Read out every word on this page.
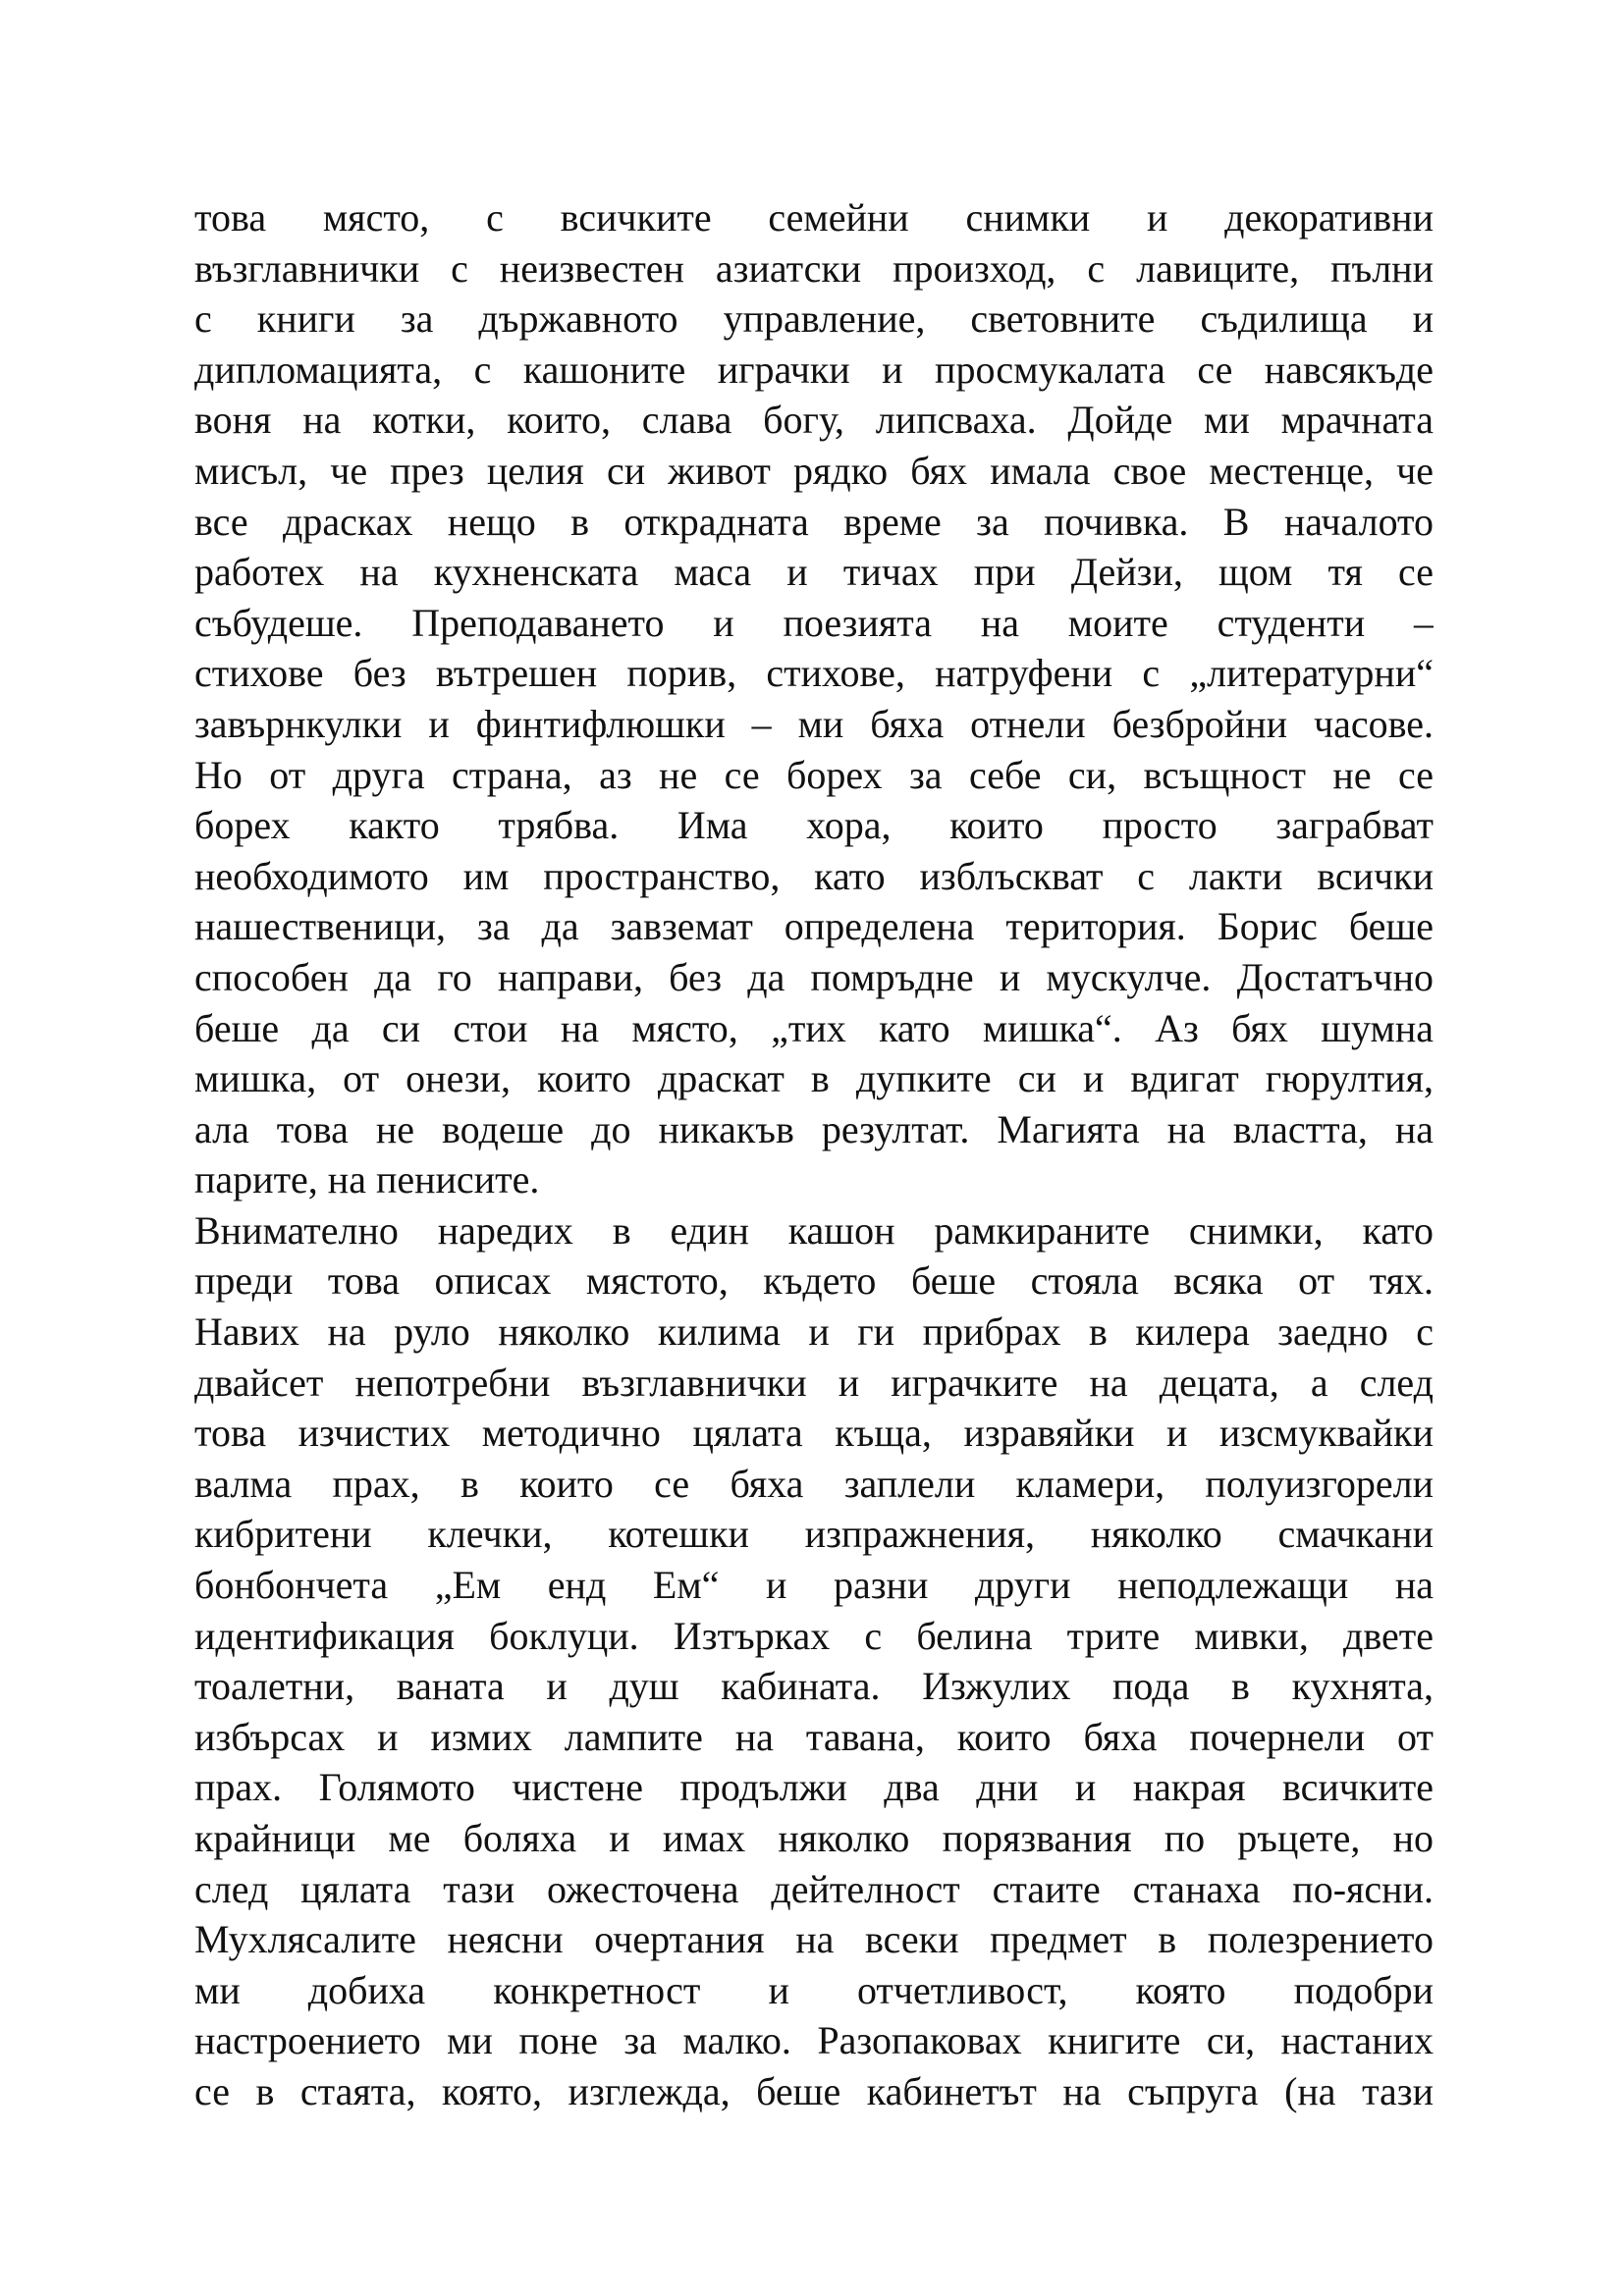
това място, с всичките семейни снимки и декоративни
възглавнички с неизвестен азиатски произход, с лавиците, пълни
с книги за държавното управление, световните съдилища и
дипломацията, с кашоните играчки и просмукалата се навсякъде
воня на котки, които, слава богу, липсваха. Дойде ми мрачната
мисъл, че през целия си живот рядко бях имала свое местенце, че
все драсках нещо в открадната време за почивка. В началото
работех на кухненската маса и тичах при Дейзи, щом тя се
събудеше. Преподаването и поезията на моите студенти –
стихове без вътрешен порив, стихове, натруфени с „литературни“
завърнкулки и финтифлюшки – ми бяха отнели безбройни часове.
Но от друга страна, аз не се борех за себе си, всъщност не се
борех както трябва. Има хора, които просто заграбват
необходимото им пространство, като изблъскват с лакти всички
нашественици, за да завземат определена територия. Борис беше
способен да го направи, без да помръдне и мускулче. Достатъчно
беше да си стои на място, „тих като мишка“. Аз бях шумна
мишка, от онези, които драскат в дупките си и вдигат гюрултия,
ала това не водеше до никакъв резултат. Магията на властта, на
парите, на пенисите.
Внимателно наредих в един кашон рамкираните снимки, като
преди това описах мястото, където беше стояла всяка от тях.
Навих на руло няколко килима и ги прибрах в килера заедно с
двайсет непотребни възглавнички и играчките на децата, а след
това изчистих методично цялата къща, изравяйки и изсмуквайки
валма прах, в които се бяха заплели кламери, полуизгорели
кибритени клечки, котешки изпражнения, няколко смачкани
бонбончета „Ем енд Ем“ и разни други неподлежащи на
идентификация боклуци. Изтърках с белина трите мивки, двете
тоалетни, ваната и душ кабината. Изжулих пода в кухнята,
избърсах и измих лампите на тавана, които бяха почернели от
прах. Голямото чистене продължи два дни и накрая всичките
крайници ме боляха и имах няколко порязвания по ръцете, но
след цялата тази ожесточена дейтелност стаите станаха по-ясни.
Мухлясалите неясни очертания на всеки предмет в полезрението
ми добиха конкретност и отчетливост, която подобри
настроението ми поне за малко. Разопаковах книгите си, настаних
се в стаята, която, изглежда, беше кабинетът на съпруга (на тази
